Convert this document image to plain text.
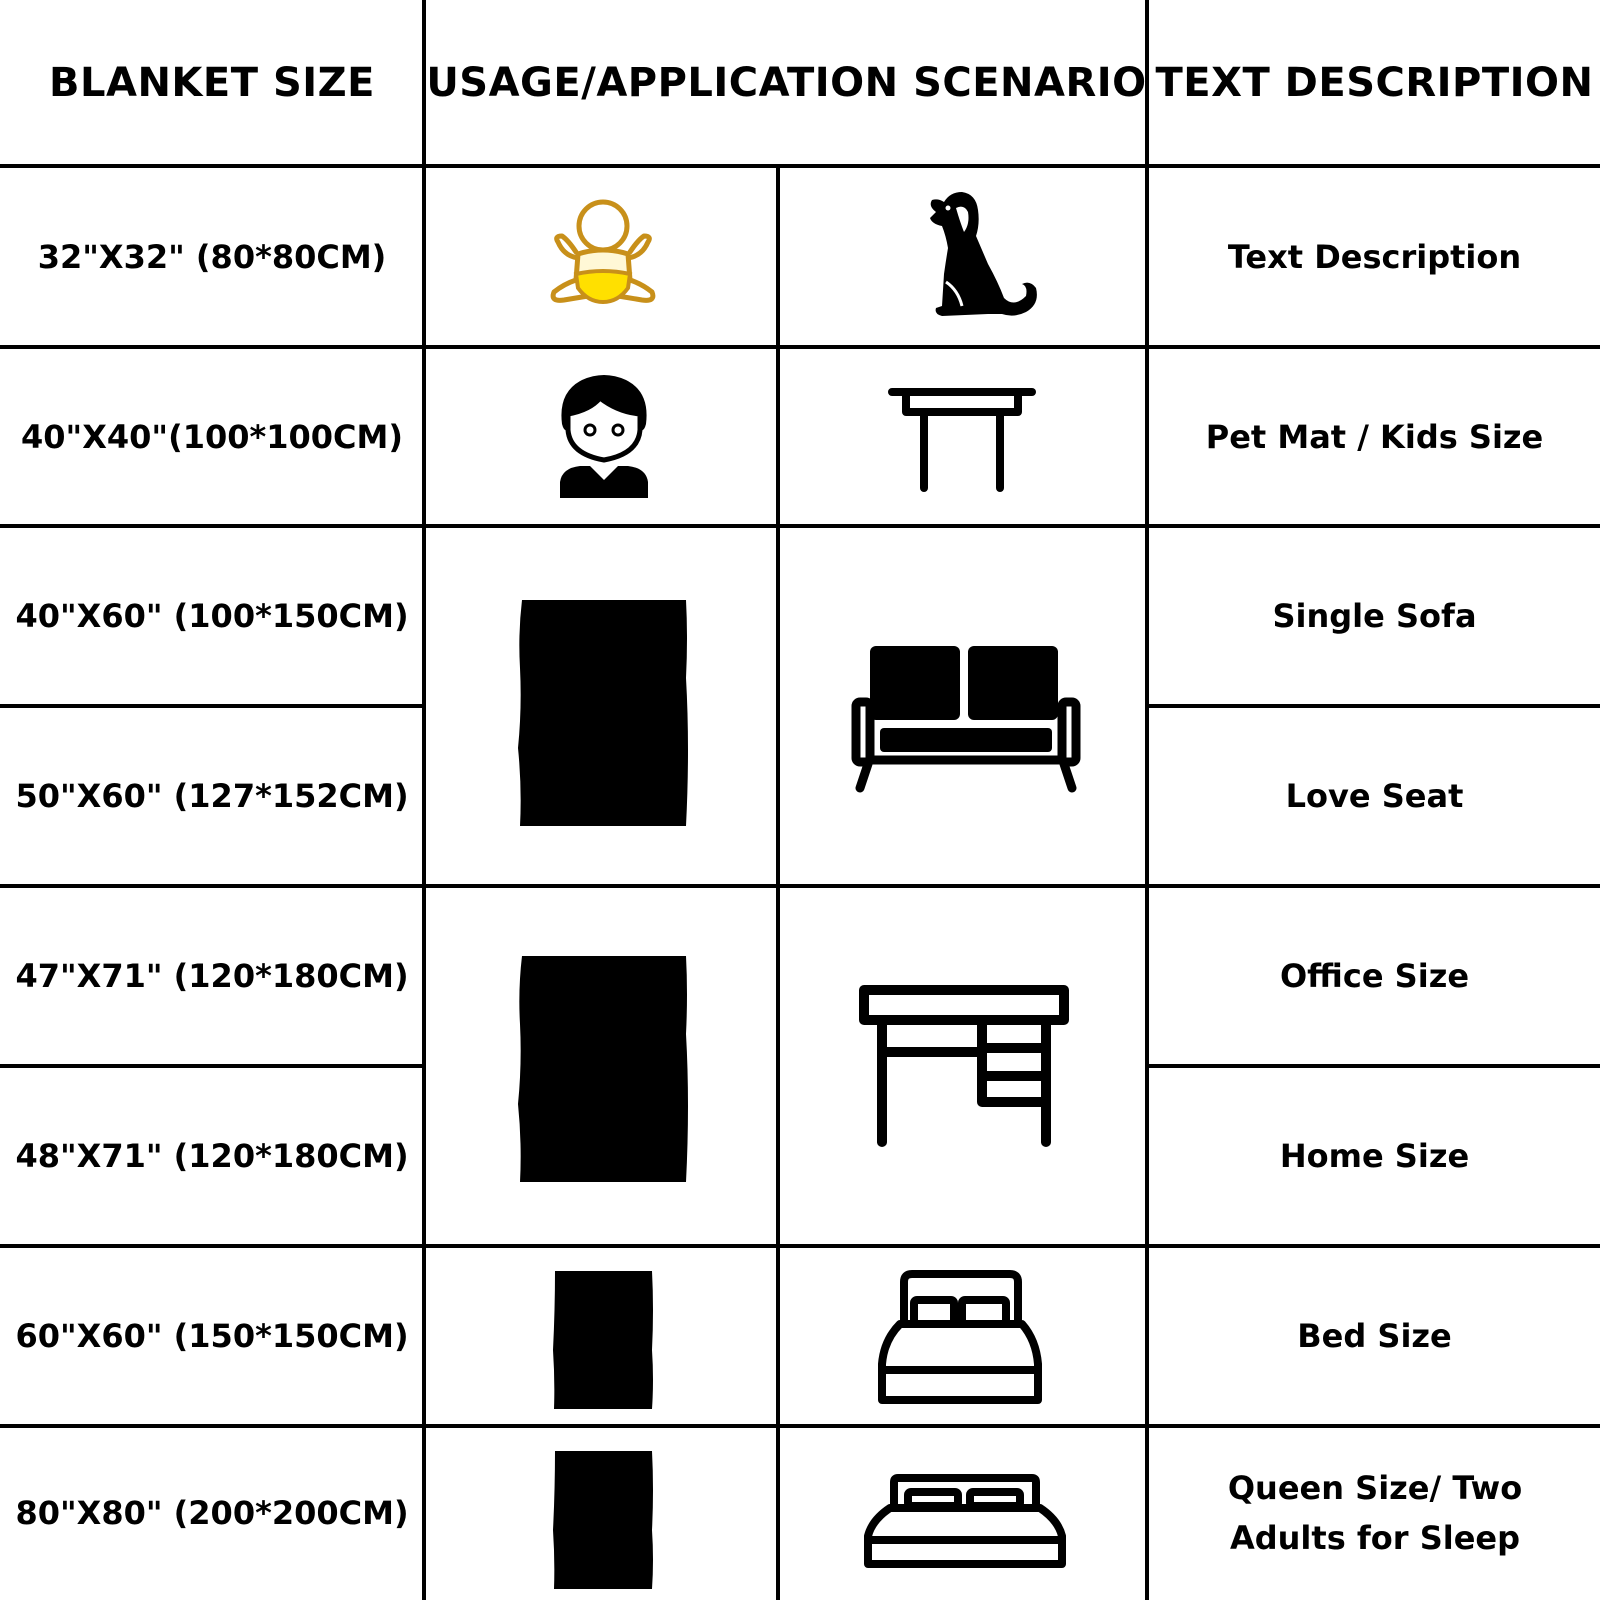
BLANKET SIZE	USAGE/APPLICATION SCENARIO TEXT DESCRIPTION
32"X32" (80*80CM)
40"X40"(100*100CM)
40"X60" (100*150CM)
50"X60" (127*152CM)
47"X71" (120*180CM)
48"X71" (120*180CM)
60"X60" (150*150CM)
80"X80" (200*200CM)
Text Description
Pet Mat / Kids Size
Single Sofa
Love Seat
Office Size
Home Size
Bed Size
Queen Size/ Two Adults for Sleep
